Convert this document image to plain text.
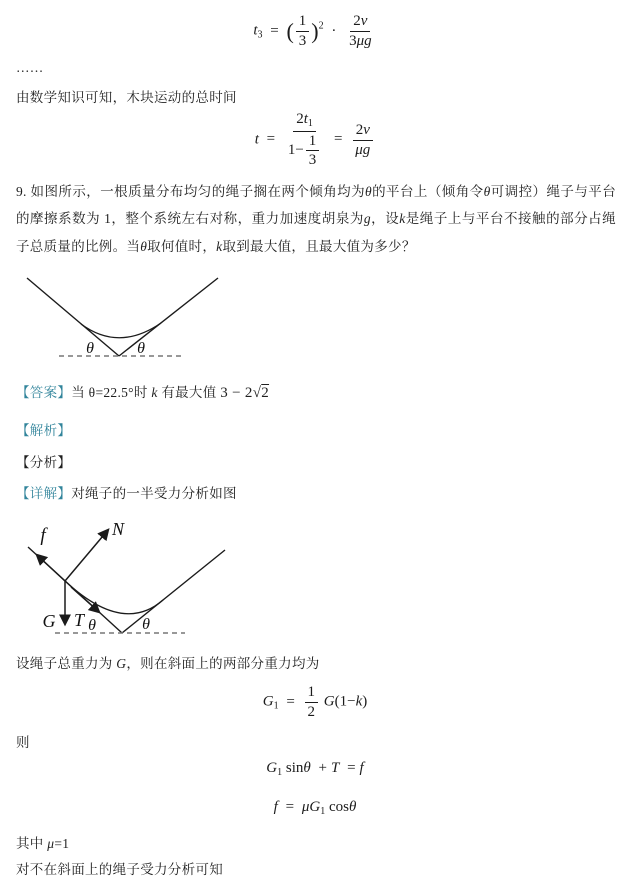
$t_3$ = ( $\frac{1}{3} )^2 \cdot \frac{2v}{3\mu g}$
……
由数学知识可知，木块运动的总时间
$t = \frac{2t_1}{1- \frac{1}{3}} = \frac{2v}{\mu g}$
9. 如图所示，一根质量分布均匀的绳子搁在两个倾角均为θ的平台上（倾角令θ可调控）绳子与平台的摩擦系数为 1，整个系统左右对称，重力加速度胡泉为g，设k是绳子上与平台不接触的部分占绳子总质量的比例。当θ取何值时，k取到最大值，且最大值为多少？
θ	θ
【答案】当 θ=22.5°时 k 有最大值 3 − 2√2
【解析】
【分析】
【详解】对绳子的一半受力分析如图
f	N
G T θ	θ
设绳子总重力为 G，则在斜面上的两部分重力均为
$G_1 = \frac{1}{2} G(1-k)$
则
$G_1$ sinθ + T = f
$f = \mu G_1$ cosθ
其中 μ=1
对不在斜面上的绳子受力分析可知
